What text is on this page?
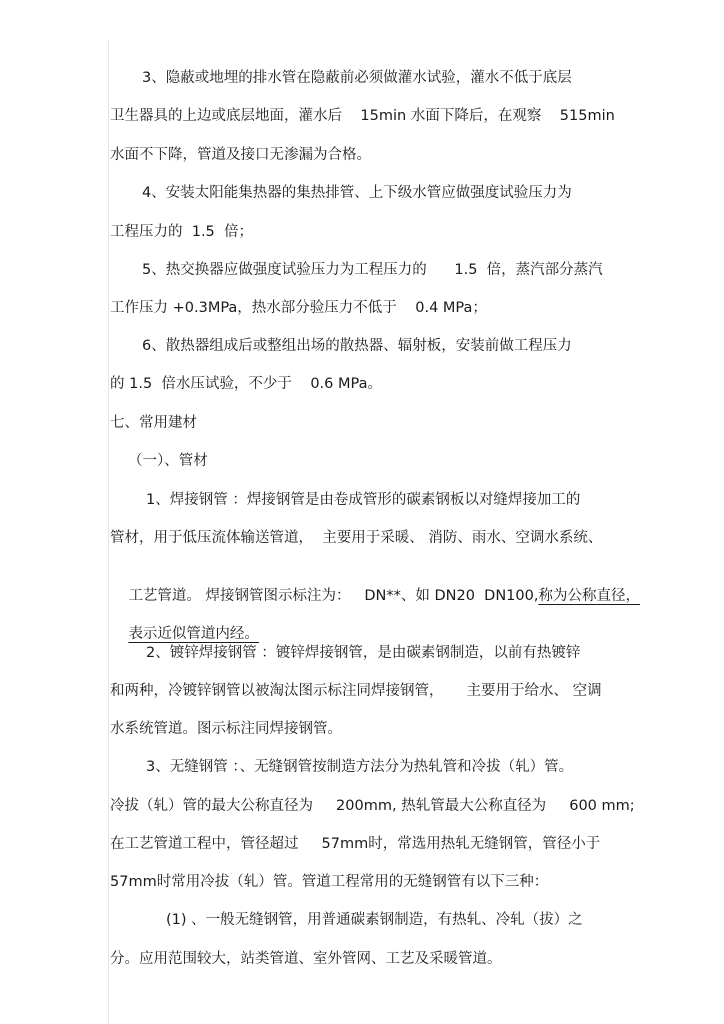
3、隐蔽或地埋的排水管在隐蔽前必须做灌水试验，灌水不低于底层
卫生器具的上边或底层地面，灌水后    15min 水面下降后，在观察    515min
水面不下降，管道及接口无渗漏为合格。
4、安装太阳能集热器的集热排管、上下级水管应做强度试验压力为
工程压力的  1.5  倍；
5、热交换器应做强度试验压力为工程压力的      1.5  倍，蒸汽部分蒸汽
工作压力 +0.3MPa，热水部分验压力不低于    0.4 MPa；
6、散热器组成后或整组出场的散热器、辐射板，安装前做工程压力
的 1.5  倍水压试验，不少于    0.6 MPa。
七、常用建材
（一）、管材
1、焊接钢管 ：焊接钢管是由卷成管形的碳素钢板以对缝焊接加工的
管材，用于低压流体输送管道，  主要用于采暖、 消防、雨水、空调水系统、

工艺管道。 焊接钢管图示标注为：   DN**、如 DN20  DN100,称为公称直径，

表示近似管道内经。

2、镀锌焊接钢管 ：镀锌焊接钢管，是由碳素钢制造，以前有热镀锌
和两种，冷镀锌钢管以被淘汰图示标注同焊接钢管，     主要用于给水、 空调
水系统管道。图示标注同焊接钢管。
3、无缝钢管 ：、无缝钢管按制造方法分为热轧管和冷拔（轧）管。
冷拔（轧）管的最大公称直径为     200mm, 热轧管最大公称直径为     600 mm;
在工艺管道工程中，管径超过     57mm时，常选用热轧无缝钢管，管径小于
57mm时常用冷拔（轧）管。管道工程常用的无缝钢管有以下三种：
(1) 、一般无缝钢管，用普通碳素钢制造，有热轧、冷轧（拔）之
分。应用范围较大，站类管道、室外管网、工艺及采暖管道。
